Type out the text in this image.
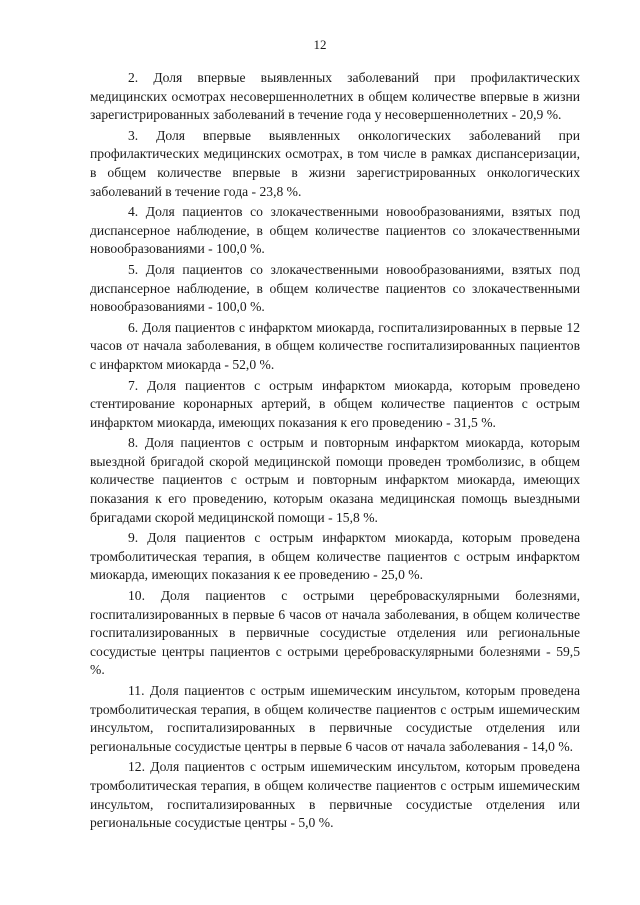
12

2. Доля впервые выявленных заболеваний при профилактических медицинских осмотрах несовершеннолетних в общем количестве впервые в жизни зарегистрированных заболеваний в течение года у несовершеннолетних - 20,9 %.

3. Доля впервые выявленных онкологических заболеваний при профилактических медицинских осмотрах, в том числе в рамках диспансеризации, в общем количестве впервые в жизни зарегистрированных онкологических заболеваний в течение года - 23,8 %.

4. Доля пациентов со злокачественными новообразованиями, взятых под диспансерное наблюдение, в общем количестве пациентов со злокачественными новообразованиями - 100,0 %.

5. Доля пациентов со злокачественными новообразованиями, взятых под диспансерное наблюдение, в общем количестве пациентов со злокачественными новообразованиями - 100,0 %.

6. Доля пациентов с инфарктом миокарда, госпитализированных в первые 12 часов от начала заболевания, в общем количестве госпитализированных пациентов с инфарктом миокарда - 52,0 %.

7. Доля пациентов с острым инфарктом миокарда, которым проведено стентирование коронарных артерий, в общем количестве пациентов с острым инфарктом миокарда, имеющих показания к его проведению - 31,5 %.

8. Доля пациентов с острым и повторным инфарктом миокарда, которым выездной бригадой скорой медицинской помощи проведен тромболизис, в общем количестве пациентов с острым и повторным инфарктом миокарда, имеющих показания к его проведению, которым оказана медицинская помощь выездными бригадами скорой медицинской помощи - 15,8 %.

9. Доля пациентов с острым инфарктом миокарда, которым проведена тромболитическая терапия, в общем количестве пациентов с острым инфарктом миокарда, имеющих показания к ее проведению - 25,0 %.

10. Доля пациентов с острыми цереброваскулярными болезнями, госпитализированных в первые 6 часов от начала заболевания, в общем количестве госпитализированных в первичные сосудистые отделения или региональные сосудистые центры пациентов с острыми цереброваскулярными болезнями - 59,5 %.

11. Доля пациентов с острым ишемическим инсультом, которым проведена тромболитическая терапия, в общем количестве пациентов с острым ишемическим инсультом, госпитализированных в первичные сосудистые отделения или региональные сосудистые центры в первые 6 часов от начала заболевания - 14,0 %.

12. Доля пациентов с острым ишемическим инсультом, которым проведена тромболитическая терапия, в общем количестве пациентов с острым ишемическим инсультом, госпитализированных в первичные сосудистые отделения или региональные сосудистые центры - 5,0 %.
